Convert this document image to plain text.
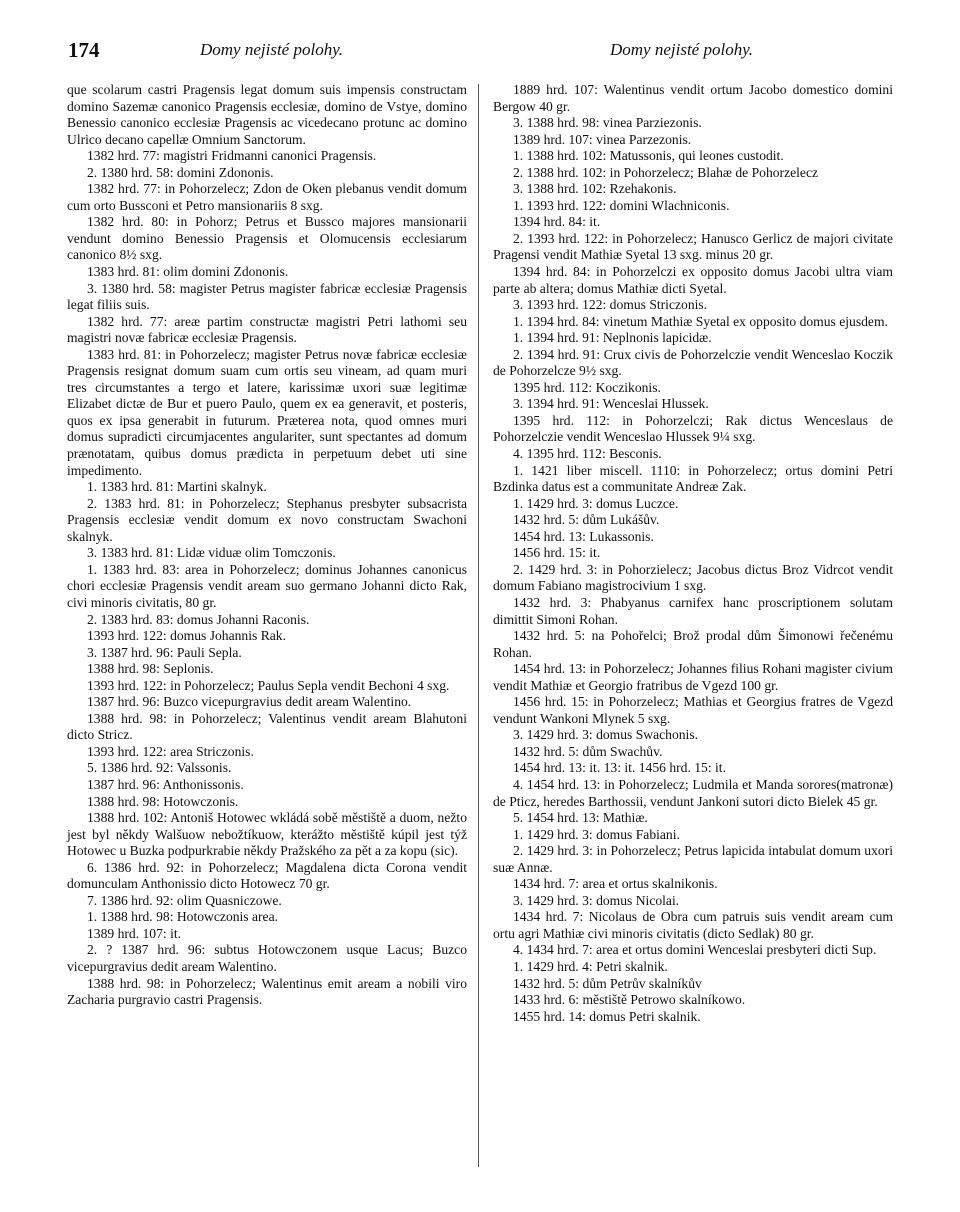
174	Domy nejisté polohy.	Domy nejisté polohy.

que scolarum castri Pragensis legat domum suis impensis constructam domino Sazemæ canonico Pragensis ecclesiæ, domino de Vstye, domino Benessio canonico ecclesiæ Pragensis ac vicedecano protunc ac domino Ulrico decano capellæ Omnium Sanctorum.

1382 hrd. 77: magistri Fridmanni canonici Pragensis.

2. 1380 hrd. 58: domini Zdononis.

1382 hrd. 77: in Pohorzelecz; Zdon de Oken plebanus vendit domum cum orto Bussconi et Petro mansionariis 8 sxg.

1382 hrd. 80: in Pohorz; Petrus et Bussco majores mansionarii vendunt domino Benessio Pragensis et Olomucensis ecclesiarum canonico 8½ sxg.

1383 hrd. 81: olim domini Zdononis.

3. 1380 hrd. 58: magister Petrus magister fabricæ ecclesiæ Pragensis legat filiis suis.

1382 hrd. 77: areæ partim constructæ magistri Petri lathomi seu magistri novæ fabricæ ecclesiæ Pragensis.

1383 hrd. 81: in Pohorzelecz; magister Petrus novæ fabricæ ecclesiæ Pragensis resignat domum suam cum ortis seu vineam, ad quam muri tres circumstantes a tergo et latere, karissimæ uxori suæ legitimæ Elizabet dictæ de Bur et puero Paulo, quem ex ea generavit, et posteris, quos ex ipsa generabit in futurum. Præterea nota, quod omnes muri domus supradicti circumjacentes angulariter, sunt spectantes ad domum prænotatam, quibus domus prædicta in perpetuum debet uti sine impedimento.

1. 1383 hrd. 81: Martini skalnyk.

2. 1383 hrd. 81: in Pohorzelecz; Stephanus presbyter subsacrista Pragensis ecclesiæ vendit domum ex novo constructam Swachoni skalnyk.

3. 1383 hrd. 81: Lidæ viduæ olim Tomczonis.

1. 1383 hrd. 83: area in Pohorzelecz; dominus Johannes canonicus chori ecclesiæ Pragensis vendit aream suo germano Johanni dicto Rak, civi minoris civitatis, 80 gr.

2. 1383 hrd. 83: domus Johanni Raconis.

1393 hrd. 122: domus Johannis Rak.

3. 1387 hrd. 96: Pauli Sepla.

1388 hrd. 98: Seplonis.

1393 hrd. 122: in Pohorzelecz; Paulus Sepla vendit Bechoni 4 sxg.

1387 hrd. 96: Buzco vicepurgravius dedit aream Walentino.

1388 hrd. 98: in Pohorzelecz; Valentinus vendit aream Blahutoni dicto Stricz.

1393 hrd. 122: area Striczonis.

5. 1386 hrd. 92: Valssonis.

1387 hrd. 96: Anthonissonis.

1388 hrd. 98: Hotowczonis.

1388 hrd. 102: Antoniš Hotowec wkládá sobě městiště a duom, nežto jest byl někdy Walšuow nebožtíkuow, kterážto městiště kúpil jest týž Hotowec u Buzka podpurkrabie někdy Pražského za pět a za kopu (sic).

6. 1386 hrd. 92: in Pohorzelecz; Magdalena dicta Corona vendit domunculam Anthonissio dicto Hotowecz 70 gr.

7. 1386 hrd. 92: olim Quasniczowe.

1. 1388 hrd. 98: Hotowczonis area.

1389 hrd. 107: it.

2. ? 1387 hrd. 96: subtus Hotowczonem usque Lacus; Buzco vicepurgravius dedit aream Walentino.

1388 hrd. 98: in Pohorzelecz; Walentinus emit aream a nobili viro Zacharia purgravio castri Pragensis.

1889 hrd. 107: Walentinus vendit ortum Jacobo domestico domini Bergow 40 gr.

3. 1388 hrd. 98: vinea Parziezonis.

1389 hrd. 107: vinea Parzezonis.

1. 1388 hrd. 102: Matussonis, qui leones custodit.

2. 1388 hrd. 102: in Pohorzelecz; Blahæ de Pohorzelecz

3. 1388 hrd. 102: Rzehakonis.

1. 1393 hrd. 122: domini Wlachniconis.

1394 hrd. 84: it.

2. 1393 hrd. 122: in Pohorzelecz; Hanusco Gerlicz de majori civitate Pragensi vendit Mathiæ Syetal 13 sxg. minus 20 gr.

1394 hrd. 84: in Pohorzelczi ex opposito domus Jacobi ultra viam parte ab altera; domus Mathiæ dicti Syetal.

3. 1393 hrd. 122: domus Striczonis.

1. 1394 hrd. 84: vinetum Mathiæ Syetal ex opposito domus ejusdem.

1. 1394 hrd. 91: Neplnonis lapicidæ.

2. 1394 hrd. 91: Crux civis de Pohorzelczie vendit Wenceslao Koczik de Pohorzelcze 9½ sxg.

1395 hrd. 112: Koczikonis.

3. 1394 hrd. 91: Wenceslai Hlussek.

1395 hrd. 112: in Pohorzelczi; Rak dictus Wenceslaus de Pohorzelczie vendit Wenceslao Hlussek 9¼ sxg.

4. 1395 hrd. 112: Besconis.

1. 1421 liber miscell. 1110: in Pohorzelecz; ortus domini Petri Bzdinka datus est a communitate Andreæ Zak.

1. 1429 hrd. 3: domus Luczce.

1432 hrd. 5: dům Lukášův.

1454 hrd. 13: Lukassonis.

1456 hrd. 15: it.

2. 1429 hrd. 3: in Pohorzielecz; Jacobus dictus Broz Vidrcot vendit domum Fabiano magistrocivium 1 sxg.

1432 hrd. 3: Phabyanus carnifex hanc proscriptionem solutam dimittit Simoni Rohan.

1432 hrd. 5: na Pohořelci; Brož prodal dům Šimonowi řečenému Rohan.

1454 hrd. 13: in Pohorzelecz; Johannes filius Rohani magister civium vendit Mathiæ et Georgio fratribus de Vgezd 100 gr.

1456 hrd. 15: in Pohorzelecz; Mathias et Georgius fratres de Vgezd vendunt Wankoni Mlynek 5 sxg.

3. 1429 hrd. 3: domus Swachonis.

1432 hrd. 5: dům Swachův.

1454 hrd. 13: it. 13: it. 1456 hrd. 15: it.

4. 1454 hrd. 13: in Pohorzelecz; Ludmila et Manda sorores(matronæ) de Pticz, heredes Barthossii, vendunt Jankoni sutori dicto Bielek 45 gr.

5. 1454 hrd. 13: Mathiæ.

1. 1429 hrd. 3: domus Fabiani.

2. 1429 hrd. 3: in Pohorzelecz; Petrus lapicida intabulat domum uxori suæ Annæ.

1434 hrd. 7: area et ortus skalnikonis.

3. 1429 hrd. 3: domus Nicolai.

1434 hrd. 7: Nicolaus de Obra cum patruis suis vendit aream cum ortu agri Mathiæ civi minoris civitatis (dicto Sedlak) 80 gr.

4. 1434 hrd. 7: area et ortus domini Wenceslai presbyteri dicti Sup.

1. 1429 hrd. 4: Petri skalnik.

1432 hrd. 5: dům Petrův skalníkův

1433 hrd. 6: městiště Petrowo skalníkowo.

1455 hrd. 14: domus Petri skalnik.
